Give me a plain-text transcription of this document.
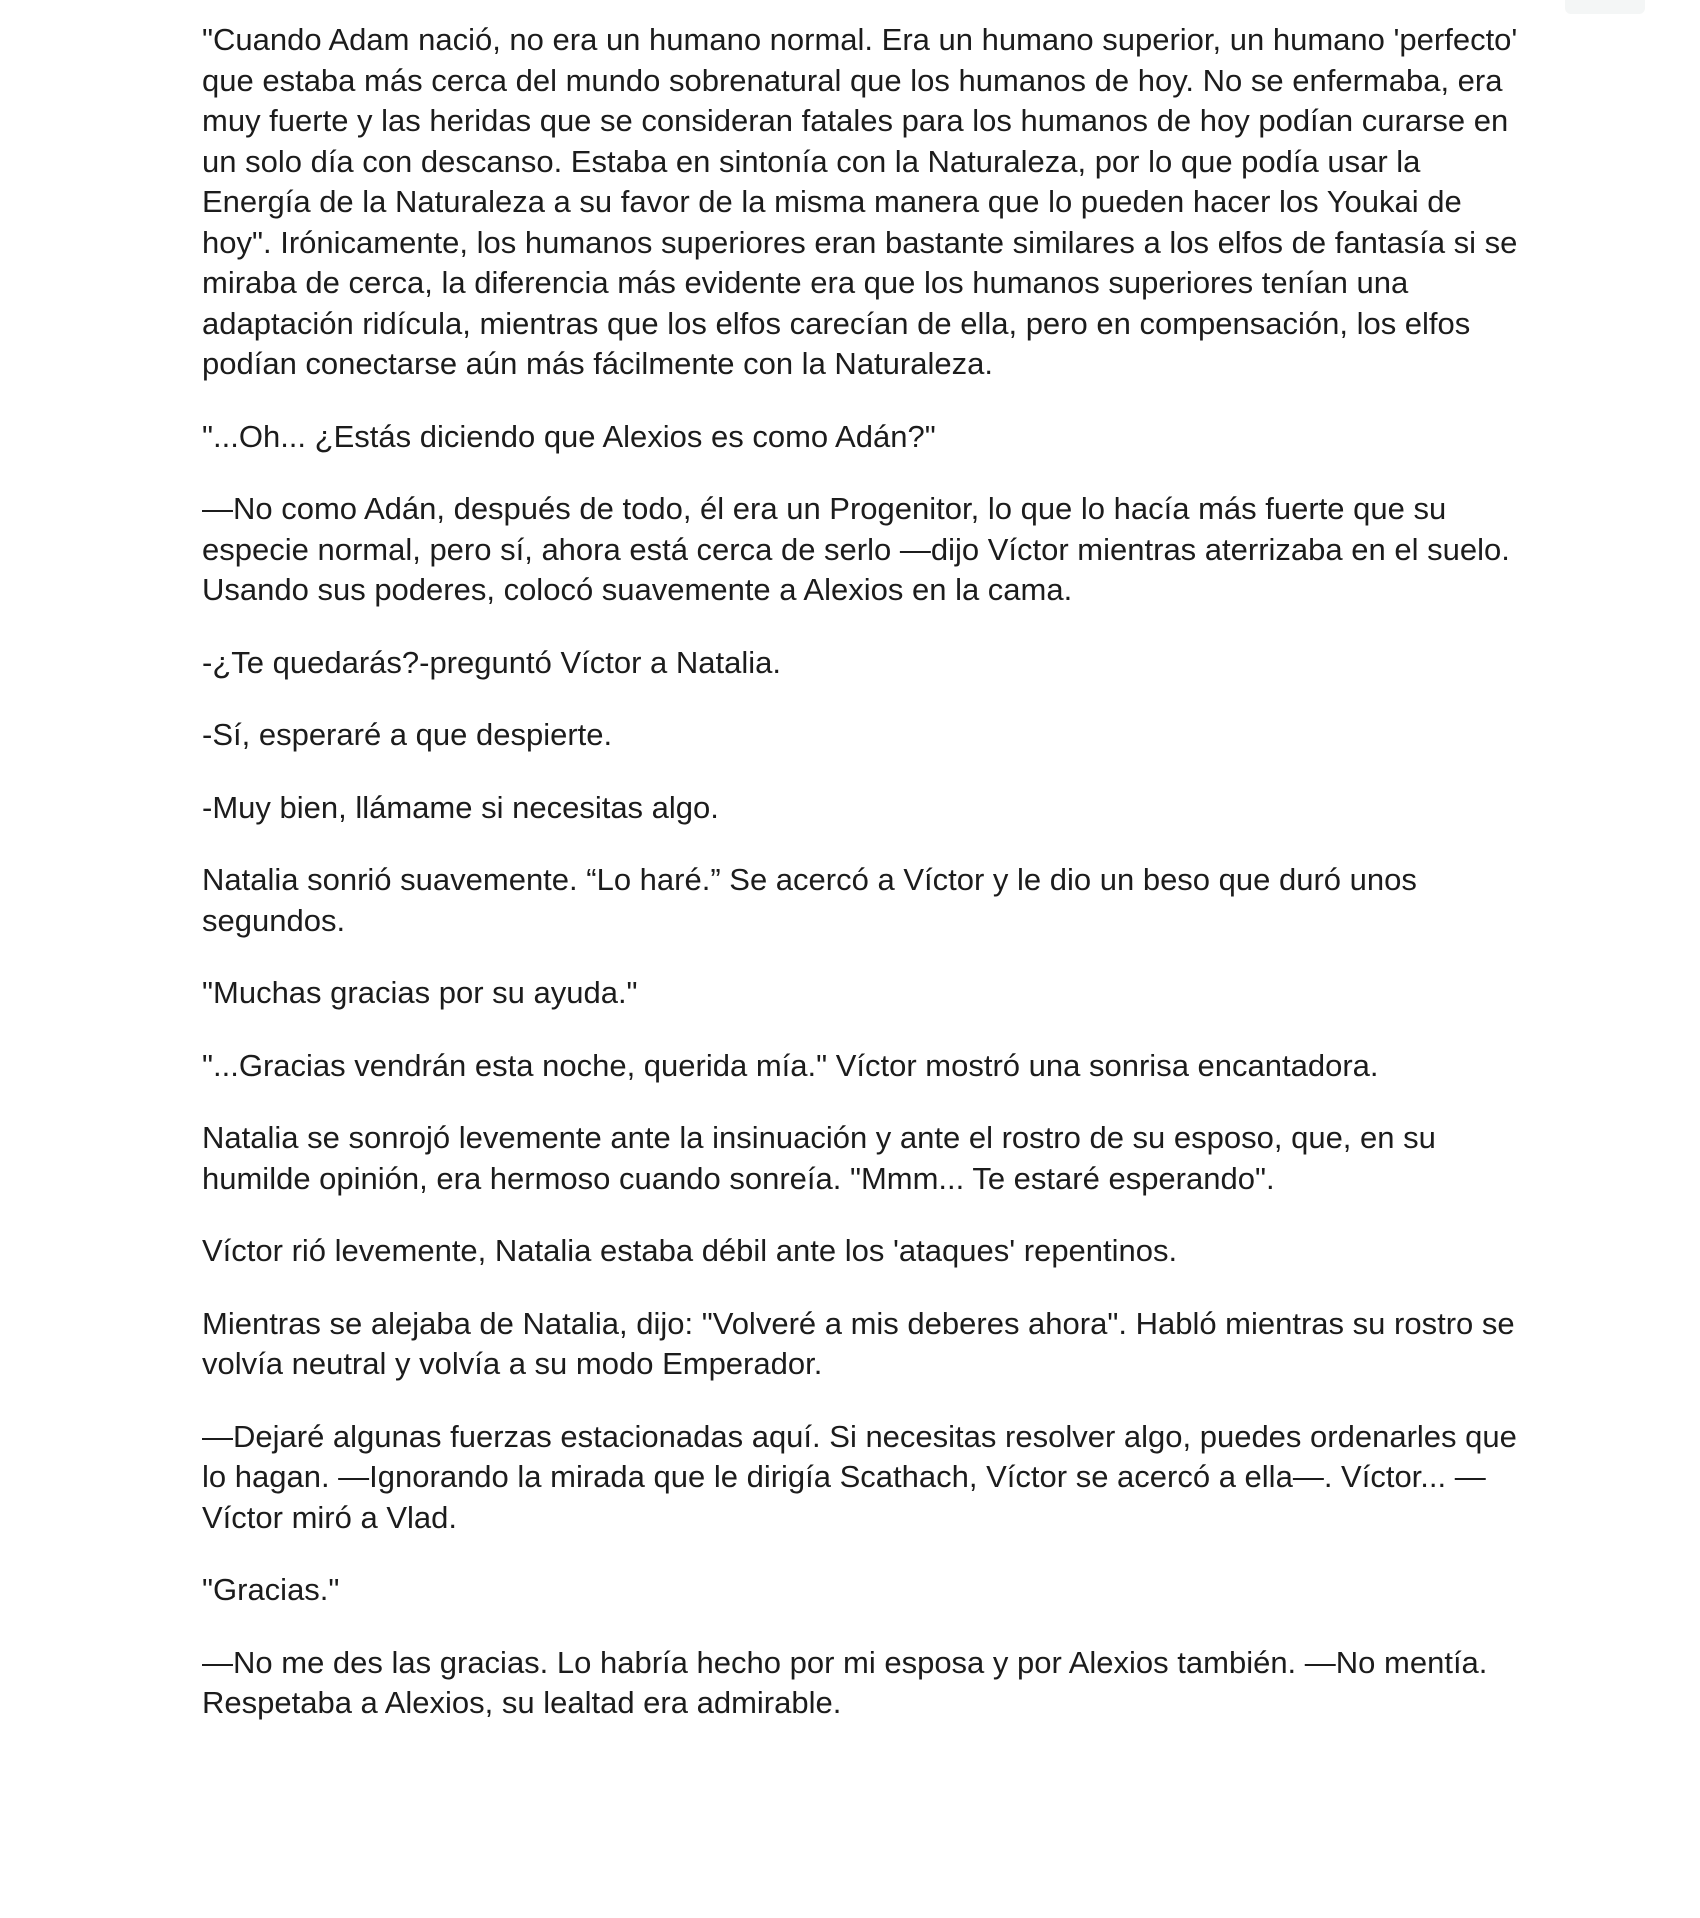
"Cuando Adam nació, no era un humano normal. Era un humano superior, un humano 'perfecto' que estaba más cerca del mundo sobrenatural que los humanos de hoy. No se enfermaba, era muy fuerte y las heridas que se consideran fatales para los humanos de hoy podían curarse en un solo día con descanso. Estaba en sintonía con la Naturaleza, por lo que podía usar la Energía de la Naturaleza a su favor de la misma manera que lo pueden hacer los Youkai de hoy". Irónicamente, los humanos superiores eran bastante similares a los elfos de fantasía si se miraba de cerca, la diferencia más evidente era que los humanos superiores tenían una adaptación ridícula, mientras que los elfos carecían de ella, pero en compensación, los elfos podían conectarse aún más fácilmente con la Naturaleza.

"...Oh... ¿Estás diciendo que Alexios es como Adán?"

—No como Adán, después de todo, él era un Progenitor, lo que lo hacía más fuerte que su especie normal, pero sí, ahora está cerca de serlo —dijo Víctor mientras aterrizaba en el suelo. Usando sus poderes, colocó suavemente a Alexios en la cama.

-¿Te quedarás?-preguntó Víctor a Natalia.

-Sí, esperaré a que despierte.

-Muy bien, llámame si necesitas algo.

Natalia sonrió suavemente. “Lo haré.” Se acercó a Víctor y le dio un beso que duró unos segundos.

"Muchas gracias por su ayuda."

"...Gracias vendrán esta noche, querida mía." Víctor mostró una sonrisa encantadora.

Natalia se sonrojó levemente ante la insinuación y ante el rostro de su esposo, que, en su humilde opinión, era hermoso cuando sonreía. "Mmm... Te estaré esperando".

Víctor rió levemente, Natalia estaba débil ante los 'ataques' repentinos.

Mientras se alejaba de Natalia, dijo: "Volveré a mis deberes ahora". Habló mientras su rostro se volvía neutral y volvía a su modo Emperador.

—Dejaré algunas fuerzas estacionadas aquí. Si necesitas resolver algo, puedes ordenarles que lo hagan. —Ignorando la mirada que le dirigía Scathach, Víctor se acercó a ella—. Víctor... —Víctor miró a Vlad.

"Gracias."

—No me des las gracias. Lo habría hecho por mi esposa y por Alexios también. —No mentía. Respetaba a Alexios, su lealtad era admirable.
